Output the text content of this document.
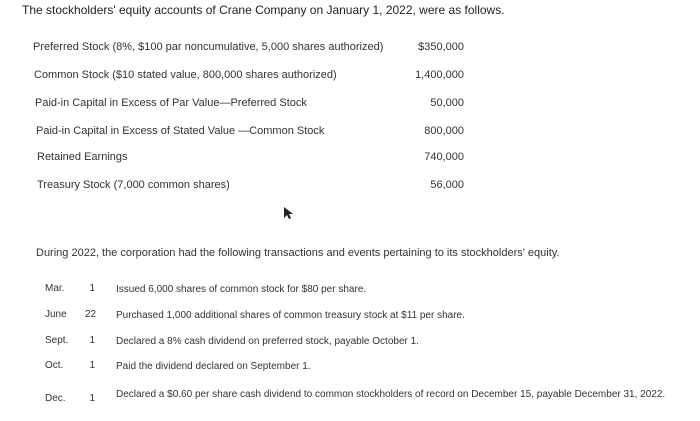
The stockholders' equity accounts of Crane Company on January 1, 2022, were as follows.
Preferred Stock (8%, $100 par noncumulative, 5,000 shares authorized)	$350,000
Common Stock ($10 stated value, 800,000 shares authorized)	1,400,000
Paid-in Capital in Excess of Par Value—Preferred Stock	50,000
Paid-in Capital in Excess of Stated Value —Common Stock	800,000
Retained Earnings	740,000
Treasury Stock (7,000 common shares)	56,000
During 2022, the corporation had the following transactions and events pertaining to its stockholders' equity.
Mar.	1 Issued 6,000 shares of common stock for $80 per share.
June 22 Purchased 1,000 additional shares of common treasury stock at $11 per share.
Sept.	1 Declared a 8% cash dividend on preferred stock, payable October 1.
Oct.	1 Paid the dividend declared on September 1.
Dec.	1 Declared a $0.60 per share cash dividend to common stockholders of record on December 15, payable December 31, 2022.
